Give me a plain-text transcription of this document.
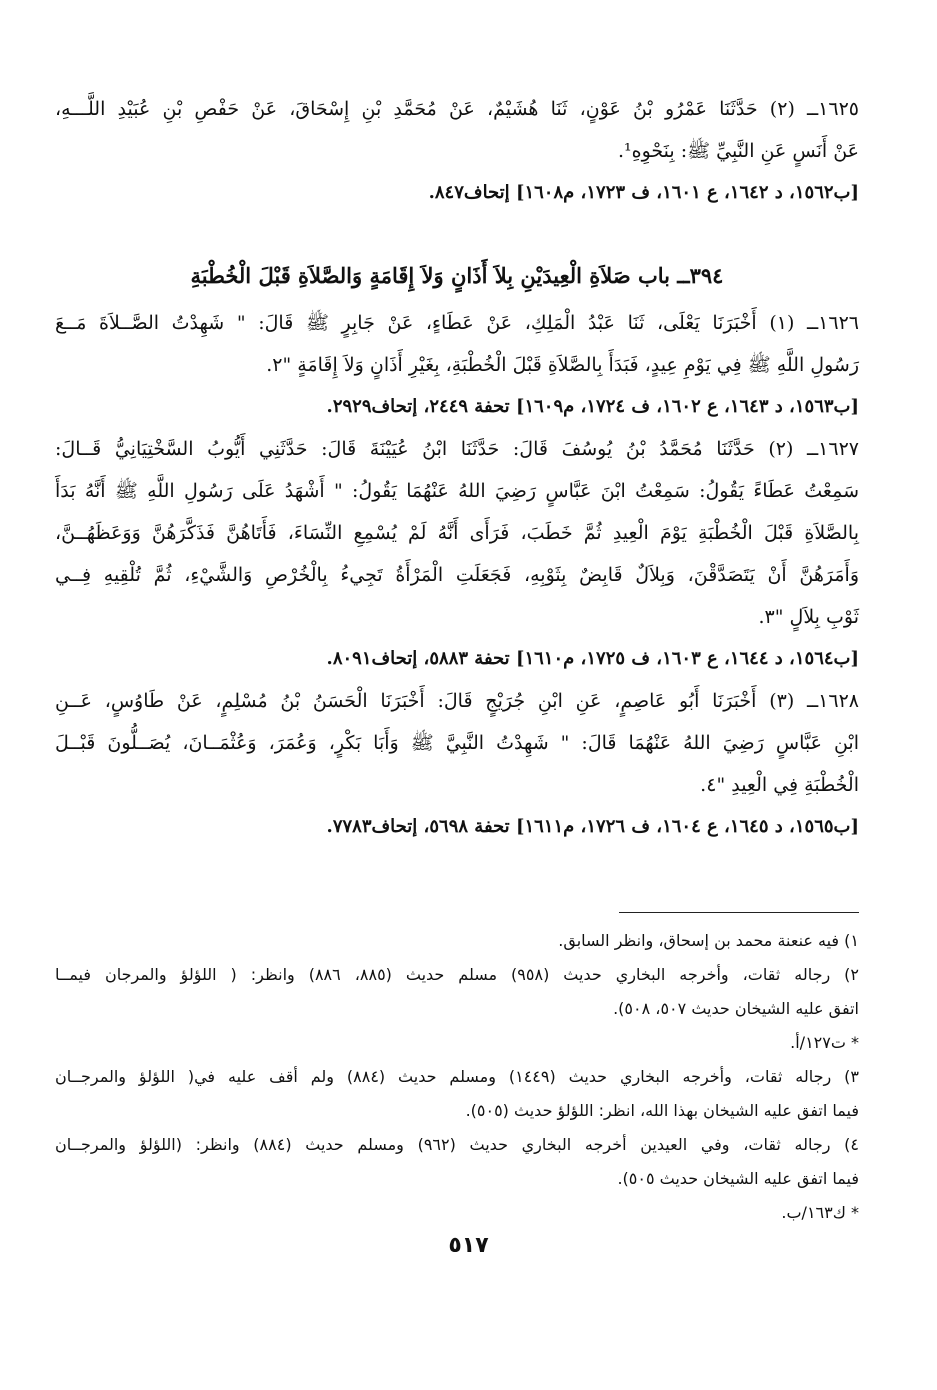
١٦٢٥ــ (٢) حَدَّثَنَا عَمْرُو بْنُ عَوْنٍ، ثَنَا هُشَيْمٌ، عَنْ مُحَمَّدِ بْنِ إِسْحَاقَ، عَنْ حَفْصِ بْنِ عُبَيْدِ اللَّـــهِ،

عَنْ أَنَسٍ عَنِ النَّبِيِّ ﷺ: بِنَحْوِهِ¹.

[ب١٥٦٢، د ١٦٤٢، ع ١٦٠١، ف ١٧٢٣، م١٦٠٨] إتحاف٨٤٧.

٣٩٤ــ باب صَلاَةِ الْعِيدَيْنِ بِلاَ أَذَانٍ وَلاَ إِقَامَةٍ وَالصَّلاَةِ قَبْلَ الْخُطْبَةِ

١٦٢٦ــ (١) أَخْبَرَنَا يَعْلَى، ثَنَا عَبْدُ الْمَلِكِ، عَنْ عَطَاءٍ، عَنْ جَابِرٍ ﷺ قَالَ: " شَهِدْتُ الصَّــلاَةَ مَــعَ

رَسُولِ اللَّهِ ﷺ فِي يَوْمِ عِيدٍ، فَبَدَأَ بِالصَّلاَةِ قَبْلَ الْخُطْبَةِ، بِغَيْرِ أَذَانٍ وَلاَ إِقَامَةٍ "٢.

[ب١٥٦٣، د ١٦٤٣، ع ١٦٠٢، ف ١٧٢٤، م١٦٠٩] تحفة ٢٤٤٩، إتحاف٢٩٢٩.

١٦٢٧ــ (٢) حَدَّثَنَا مُحَمَّدُ بْنُ يُوسُفَ قَالَ: حَدَّثَنَا ابْنُ عُيَيْنَةَ قَالَ: حَدَّثَنِي أَيُّوبُ السَّخْتِيَانِيُّ قَــالَ:

سَمِعْتُ عَطَاءً يَقُولُ: سَمِعْتُ ابْنَ عَبَّاسٍ رَضِيَ اللهُ عَنْهُمَا يَقُولُ: " أَشْهَدُ عَلَى رَسُولِ اللَّهِ ﷺ أَنَّهُ بَدَأَ

بِالصَّلاَةِ قَبْلَ الْخُطْبَةِ يَوْمَ الْعِيدِ ثُمَّ خَطَبَ، فَرَأَى أَنَّهُ لَمْ يُسْمِعِ النِّسَاءَ، فَأَتَاهُنَّ فَذَكَّرَهُنَّ وَوَعَظَهُــنَّ،

وَأَمَرَهُنَّ أَنْ يَتَصَدَّقْنَ، وَبِلاَلٌ قَابِضٌ بِثَوْبِهِ، فَجَعَلَتِ الْمَرْأَةُ تَجِيءُ بِالْخُرْصِ وَالشَّيْءِ، ثُمَّ تُلْقِيهِ فِــي

ثَوْبِ بِلاَلٍ "٣.

[ب١٥٦٤، د ١٦٤٤، ع ١٦٠٣، ف ١٧٢٥، م١٦١٠] تحفة ٥٨٨٣، إتحاف٨٠٩١.

١٦٢٨ــ (٣) أَخْبَرَنَا أَبُو عَاصِمٍ، عَنِ ابْنِ جُرَيْجٍ قَالَ: أَخْبَرَنَا الْحَسَنُ بْنُ مُسْلِمٍ، عَنْ طَاوُسٍ، عَــنِ

ابْنِ عَبَّاسٍ رَضِيَ اللهُ عَنْهُمَا قَالَ: " شَهِدْتُ النَّبِيَّ ﷺ وَأَبَا بَكْرٍ، وَعُمَرَ، وَعُثْمَــانَ، يُصَــلُّونَ قَبْــلَ

الْخُطْبَةِ فِي الْعِيدِ "٤.

[ب١٥٦٥، د ١٦٤٥، ع ١٦٠٤، ف ١٧٢٦، م١٦١١] تحفة ٥٦٩٨، إتحاف٧٧٨٣.

١) فيه عنعنة محمد بن إسحاق، وانظر السابق.

٢) رجاله ثقات، وأخرجه البخاري حديث (٩٥٨) مسلم حديث (٨٨٥، ٨٨٦) وانظر: ( اللؤلؤ والمرجان فيمــا

اتفق عليه الشيخان حديث ٥٠٧، ٥٠٨).

* ت١٢٧/أ.

٣) رجاله ثقات، وأخرجه البخاري حديث (١٤٤٩) ومسلم حديث (٨٨٤) ولم أقف عليه في( اللؤلؤ والمرجــان

فيما اتفق عليه الشيخان بهذا الله، انظر: اللؤلؤ حديث (٥٠٥).

٤) رجاله ثقات، وفي العيدين أخرجه البخاري حديث (٩٦٢) ومسلم حديث (٨٨٤) وانظر: (اللؤلؤ والمرجــان

فيما اتفق عليه الشيخان حديث ٥٠٥).

* ك١٦٣/ب.

٥١٧
